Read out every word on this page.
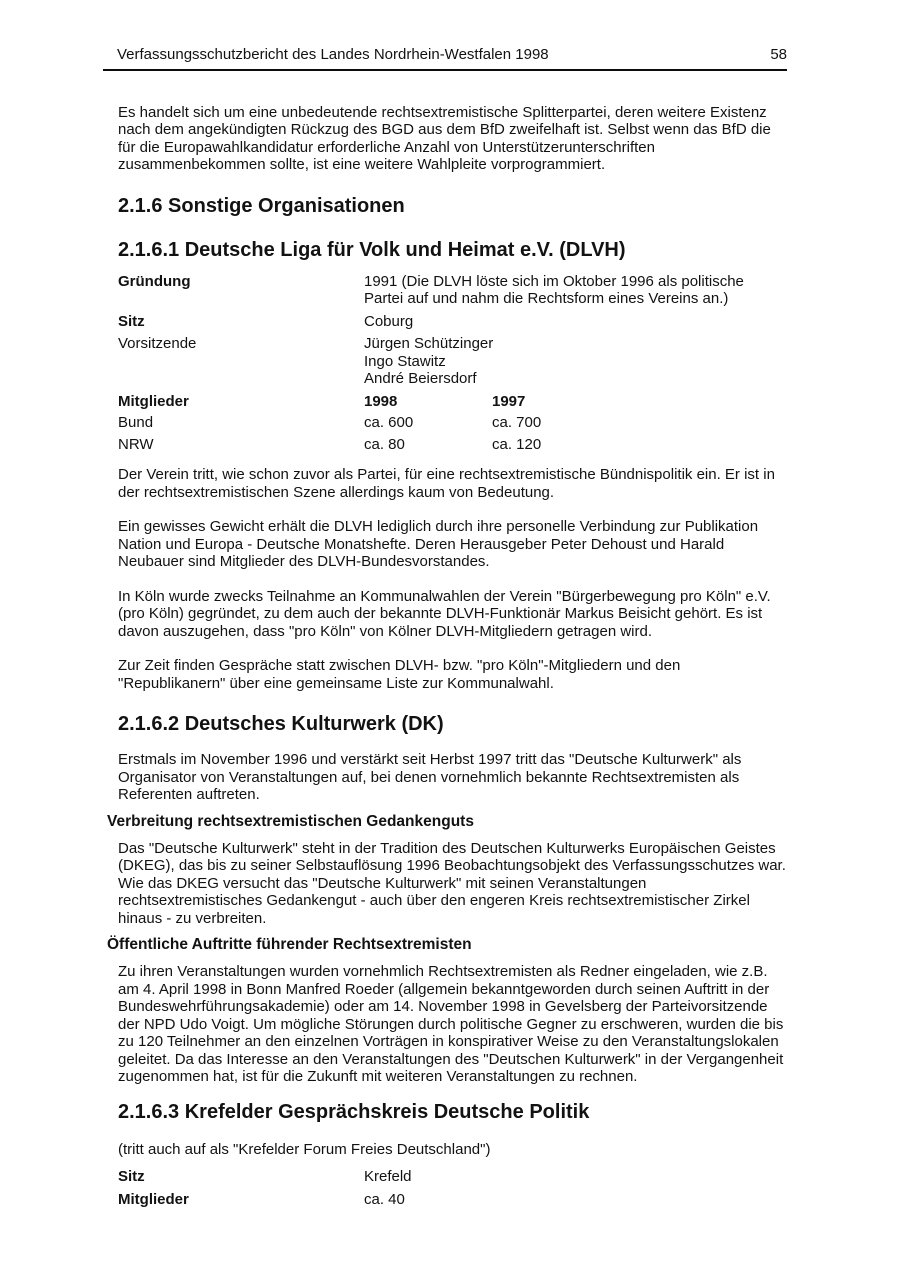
Verfassungsschutzbericht des Landes Nordrhein-Westfalen 1998	58

Es handelt sich um eine unbedeutende rechtsextremistische Splitterpartei, deren weitere Existenz nach dem angekündigten Rückzug des BGD aus dem BfD zweifelhaft ist. Selbst wenn das BfD die für die Europawahlkandidatur erforderliche Anzahl von Unterstützerunterschriften zusammenbekommen sollte, ist eine weitere Wahlpleite vorprogrammiert.

2.1.6 Sonstige Organisationen
2.1.6.1 Deutsche Liga für Volk und Heimat e.V. (DLVH)
Gründung	1991 (Die DLVH löste sich im Oktober 1996 als politische Partei auf und nahm die Rechtsform eines Vereins an.)
Sitz	Coburg
Vorsitzende	Jürgen Schützinger
Ingo Stawitz
André Beiersdorf
Mitglieder	1998	1997
Bund	ca. 600	ca. 700
NRW	ca. 80	ca. 120

Der Verein tritt, wie schon zuvor als Partei, für eine rechtsextremistische Bündnispolitik ein. Er ist in der rechtsextremistischen Szene allerdings kaum von Bedeutung.

Ein gewisses Gewicht erhält die DLVH lediglich durch ihre personelle Verbindung zur Publikation Nation und Europa - Deutsche Monatshefte. Deren Herausgeber Peter Dehoust und Harald Neubauer sind Mitglieder des DLVH-Bundesvorstandes.

In Köln wurde zwecks Teilnahme an Kommunalwahlen der Verein "Bürgerbewegung pro Köln" e.V. (pro Köln) gegründet, zu dem auch der bekannte DLVH-Funktionär Markus Beisicht gehört. Es ist davon auszugehen, dass "pro Köln" von Kölner DLVH-Mitgliedern getragen wird.

Zur Zeit finden Gespräche statt zwischen DLVH- bzw. "pro Köln"-Mitgliedern und den "Republikanern" über eine gemeinsame Liste zur Kommunalwahl.

2.1.6.2 Deutsches Kulturwerk (DK)

Erstmals im November 1996 und verstärkt seit Herbst 1997 tritt das "Deutsche Kulturwerk" als Organisator von Veranstaltungen auf, bei denen vornehmlich bekannte Rechtsextremisten als Referenten auftreten.

Verbreitung rechtsextremistischen Gedankenguts

Das "Deutsche Kulturwerk" steht in der Tradition des Deutschen Kulturwerks Europäischen Geistes (DKEG), das bis zu seiner Selbstauflösung 1996 Beobachtungsobjekt des Verfassungsschutzes war. Wie das DKEG versucht das "Deutsche Kulturwerk" mit seinen Veranstaltungen rechtsextremistisches Gedankengut - auch über den engeren Kreis rechtsextremistischer Zirkel hinaus - zu verbreiten.

Öffentliche Auftritte führender Rechtsextremisten

Zu ihren Veranstaltungen wurden vornehmlich Rechtsextremisten als Redner eingeladen, wie z.B. am 4. April 1998 in Bonn Manfred Roeder (allgemein bekanntgeworden durch seinen Auftritt in der Bundeswehrführungsakademie) oder am 14. November 1998 in Gevelsberg der Parteivorsitzende der NPD Udo Voigt. Um mögliche Störungen durch politische Gegner zu erschweren, wurden die bis zu 120 Teilnehmer an den einzelnen Vorträgen in konspirativer Weise zu den Veranstaltungslokalen geleitet. Da das Interesse an den Veranstaltungen des "Deutschen Kulturwerk" in der Vergangenheit zugenommen hat, ist für die Zukunft mit weiteren Veranstaltungen zu rechnen.

2.1.6.3 Krefelder Gesprächskreis Deutsche Politik

(tritt auch auf als "Krefelder Forum Freies Deutschland")

Sitz	Krefeld
Mitglieder	ca. 40
